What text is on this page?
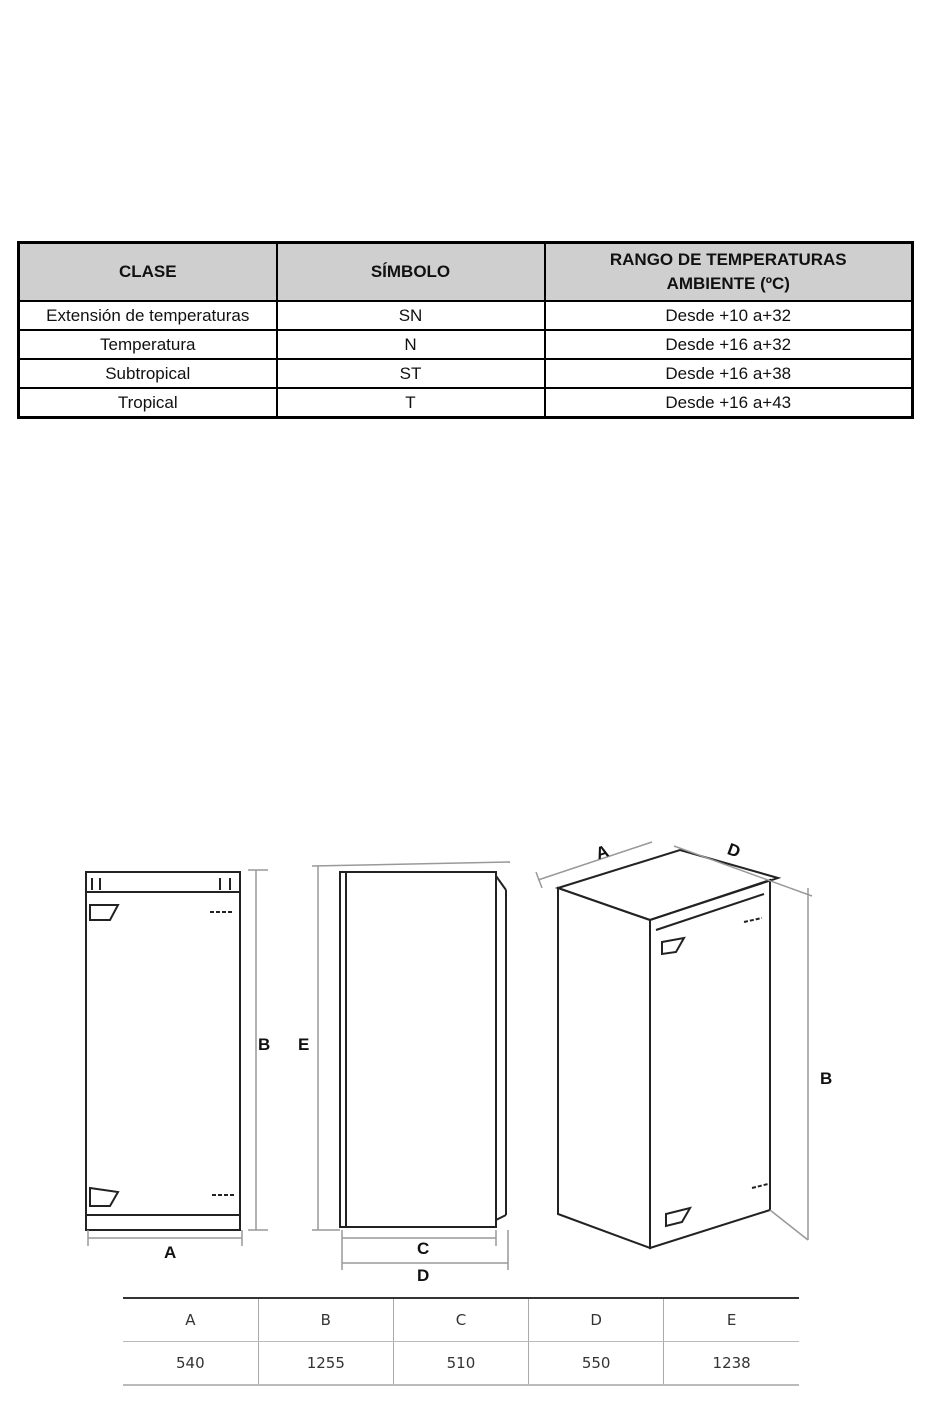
CLASE	SÍMBOLO	RANGO DE TEMPERATURAS
AMBIENTE (ºC)
Extensión de temperaturas	SN	Desde +10 a+32
Temperatura	N	Desde +16 a+32
Subtropical	ST	Desde +16 a+38
Tropical	T	Desde +16 a+43
A
B E
C
D
A	D
B
A	B	C	D	E
540	1255	510	550	1238
